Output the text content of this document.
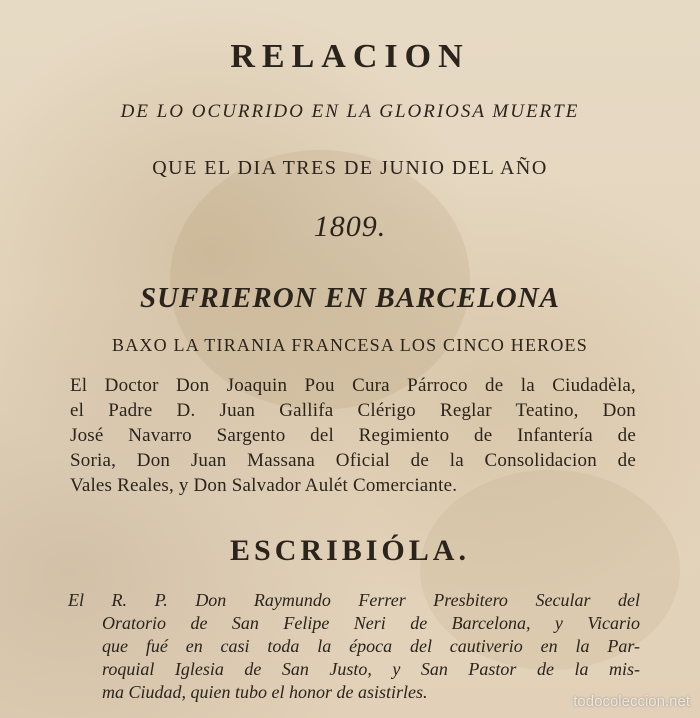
RELACION
DE LO OCURRIDO EN LA GLORIOSA MUERTE
QUE EL DIA TRES DE JUNIO DEL AÑO
1809.
SUFRIERON EN BARCELONA
BAXO LA TIRANIA FRANCESA LOS CINCO HEROES
El Doctor Don Joaquin Pou Cura Párroco de la Ciudadèla,
el Padre D. Juan Gallifa Clérigo Reglar Teatino, Don
José Navarro Sargento del Regimiento de Infantería de
Soria, Don Juan Massana Oficial de la Consolidacion de
Vales Reales, y Don Salvador Aulét Comerciante.
ESCRIBIÓLA.
El R. P. Don Raymundo Ferrer Presbitero Secular del
Oratorio de San Felipe Neri de Barcelona, y Vicario
que fué en casi toda la época del cautiverio en la Par-
roquial Iglesia de San Justo, y San Pastor de la mis-
ma Ciudad, quien tubo el honor de asistirles.	todocoleccion.net
